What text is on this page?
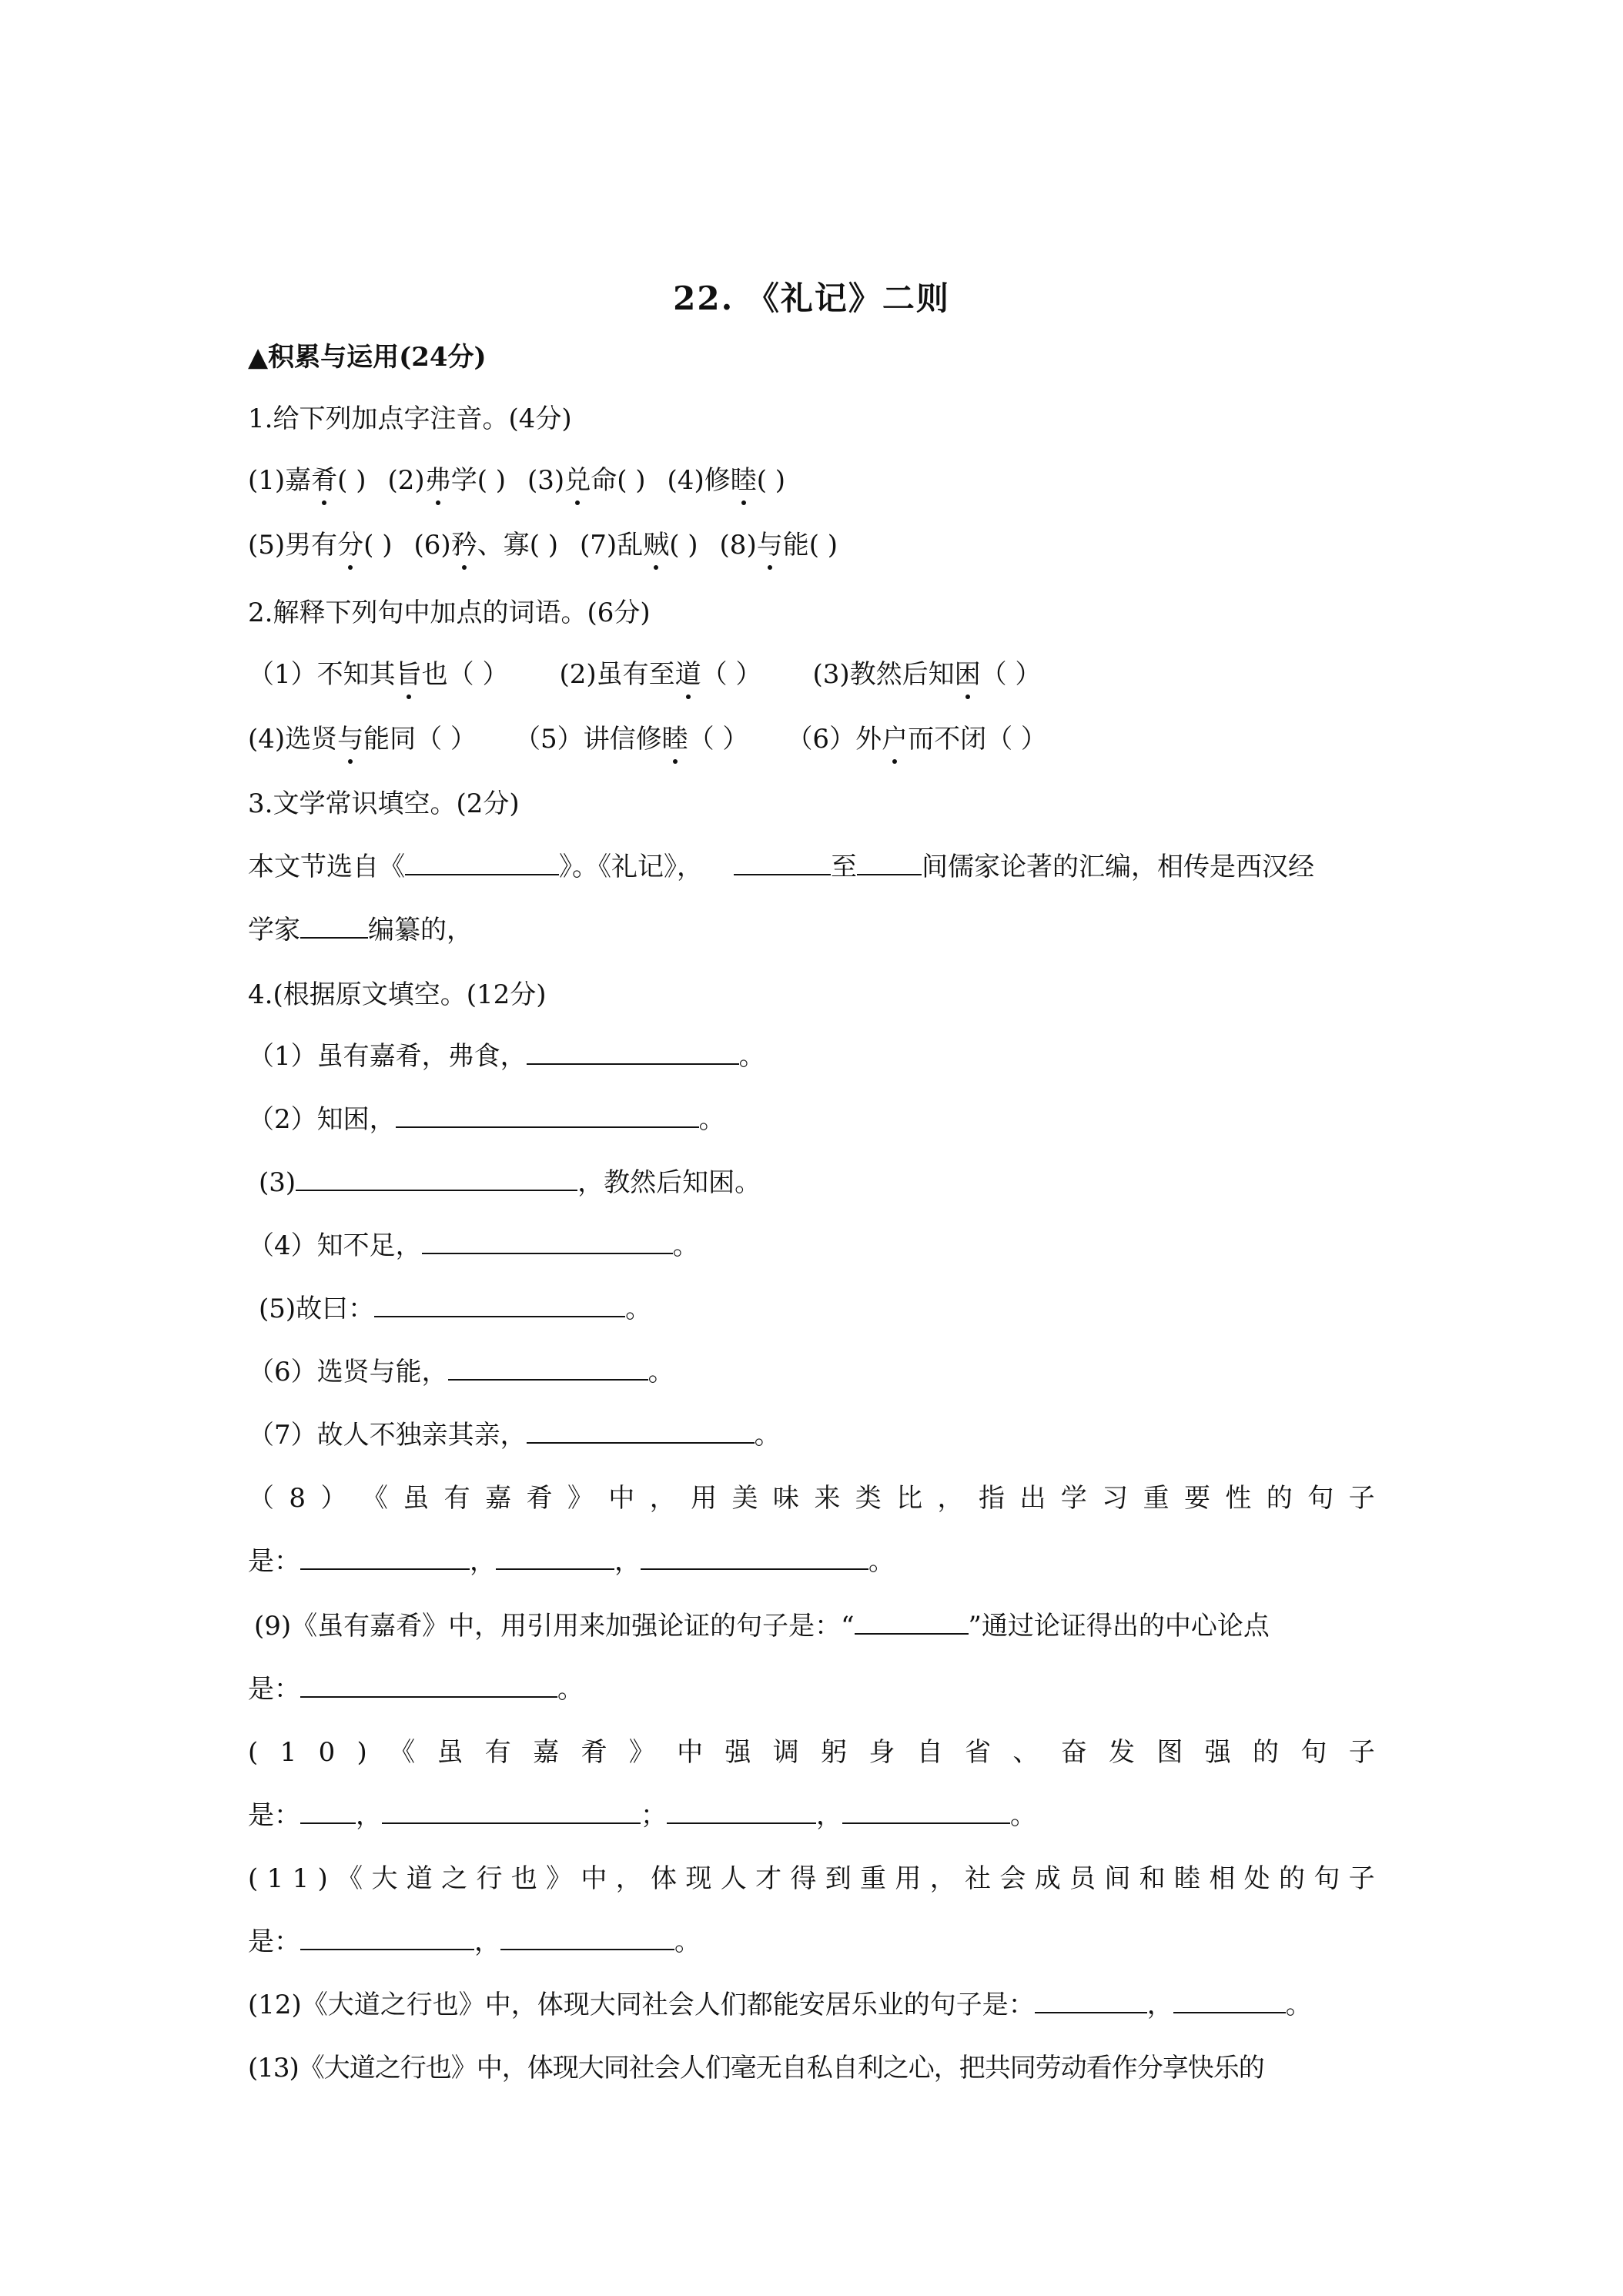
22. 《礼记》二则
▲积累与运用(24分)
1.给下列加点字注音。(4分)
(1)嘉肴( ) (2)弗学( ) (3)兑命( ) (4)修睦( )
(5)男有分( ) (6)矜、寡( ) (7)乱贼( ) (8)与能( )
2.解释下列句中加点的词语。(6分)
（1）不知其旨也（ ） (2)虽有至道（ ） (3)教然后知困（ ）
(4)选贤与能同（ ） （5）讲信修睦（ ） （6）外户而不闭（ ）
3.文学常识填空。(2分)
本文节选自《	》。《礼记》，	至 间儒家论著的汇编，相传是西汉经
学家	编纂的，
4.(根据原文填空。(12分)
（1）虽有嘉肴，弗食，	。
（2）知困，	。
(3)	，教然后知困。
（4）知不足，	。
(5)故曰：	。
（6）选贤与能，	。
（7）故人不独亲其亲，	。
（ 8 ） 《 虽 有 嘉 肴 》 中 ， 用 美 味 来 类 比 ， 指 出 学 习 重 要 性 的 句 子
是：	，	，	。
(9)《虽有嘉肴》中，用引用来加强论证的句子是：“	”通过论证得出的中心论点
是：	。
( 1 0 ) 《 虽 有 嘉 肴 》 中 强 调 躬 身 自 省 、 奋 发 图 强 的 句 子
是： ，	；	，	。
( 1 1 ) 《 大 道 之 行 也 》 中 ， 体 现 人 才 得 到 重 用 ， 社 会 成 员 间 和 睦 相 处 的 句 子
是：	，	。
(12)《大道之行也》中，体现大同社会人们都能安居乐业的句子是：	，	。
(13)《大道之行也》中，体现大同社会人们毫无自私自利之心，把共同劳动看作分享快乐的
